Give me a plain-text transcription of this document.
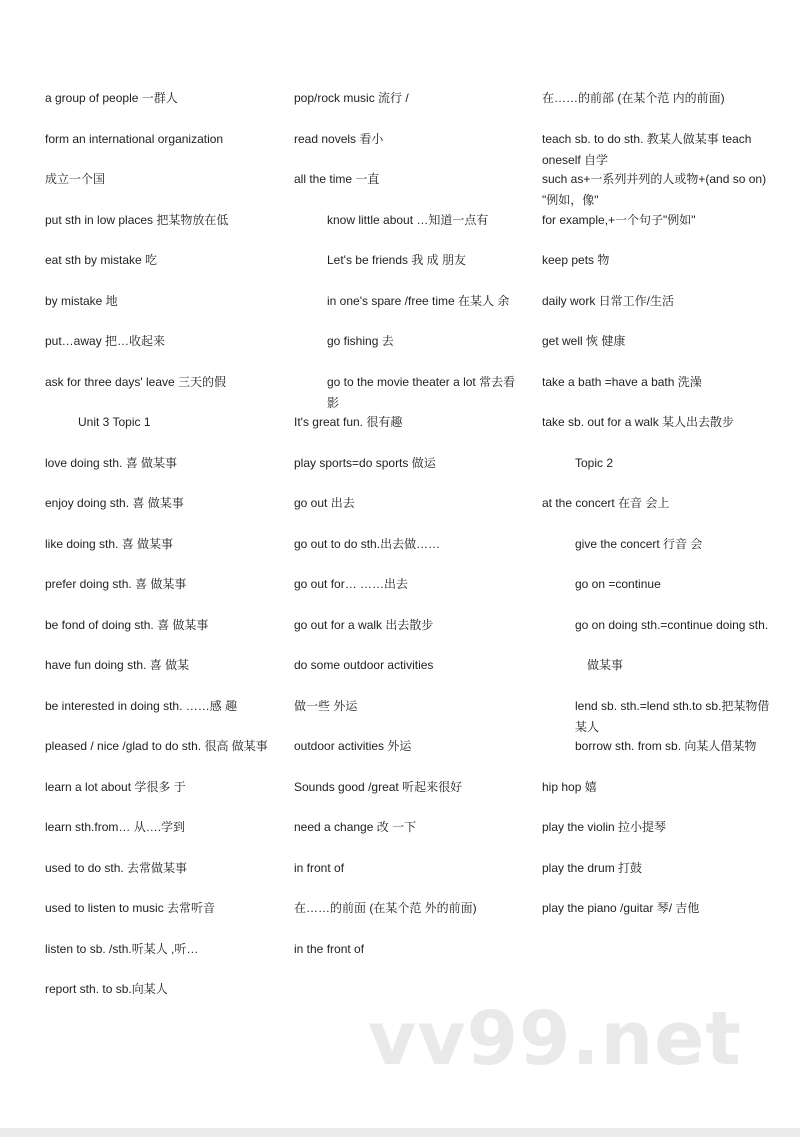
a group of people 一群人
form an international organization
成立一个国
put sth in low places 把某物放在低
eat sth by mistake 吃
by mistake 地
put…away 把…收起来
ask for three days' leave 三天的假
Unit 3 Topic 1
love doing sth. 喜 做某事
enjoy doing sth. 喜 做某事
like doing sth. 喜 做某事
prefer doing sth. 喜 做某事
be fond of doing sth. 喜 做某事
have fun doing sth. 喜 做某
be interested in doing sth. ……感 趣
pleased / nice /glad to do sth. 很高 做某事
learn a lot about 学很多 于
learn sth.from… 从….学到
used to do sth. 去常做某事
used to listen to music 去常听音
listen to sb. /sth.听某人 ,听…
report sth. to sb.向某人
pop/rock music 流行 /
read novels 看小
all the time 一直
know little about …知道一点有
Let's be friends 我 成 朋友
in one's spare /free time 在某人 余
go fishing 去
go to the movie theater a lot 常去看 影
It's great fun. 很有趣
play sports=do sports 做运
go out 出去
go out to do sth.出去做……
go out for… ……出去
go out for a walk 出去散步
do some outdoor activities
做一些 外运
outdoor activities 外运
Sounds good /great 听起来很好
need a change 改 一下
in front of
在……的前面 (在某个范 外的前面)
in the front of
在……的前部 (在某个范 内的前面)
teach sb. to do sth. 教某人做某事 teach oneself 自学
such as+一系列并列的人或物+(and so on) "例如，像"
for example,+一个句子"例如"
keep pets 物
daily work 日常工作/生活
get well 恢 健康
take a bath =have a bath 洗澡
take sb. out for a walk 某人出去散步
Topic 2
at the concert 在音 会上
give the concert 行音 会
go on =continue
go on doing sth.=continue doing sth.
做某事
lend sb. sth.=lend sth.to sb.把某物借 某人
borrow sth. from sb. 向某人借某物
hip hop 嬉
play the violin 拉小提琴
play the drum 打鼓
play the piano /guitar 琴/ 吉他
vv99.net
